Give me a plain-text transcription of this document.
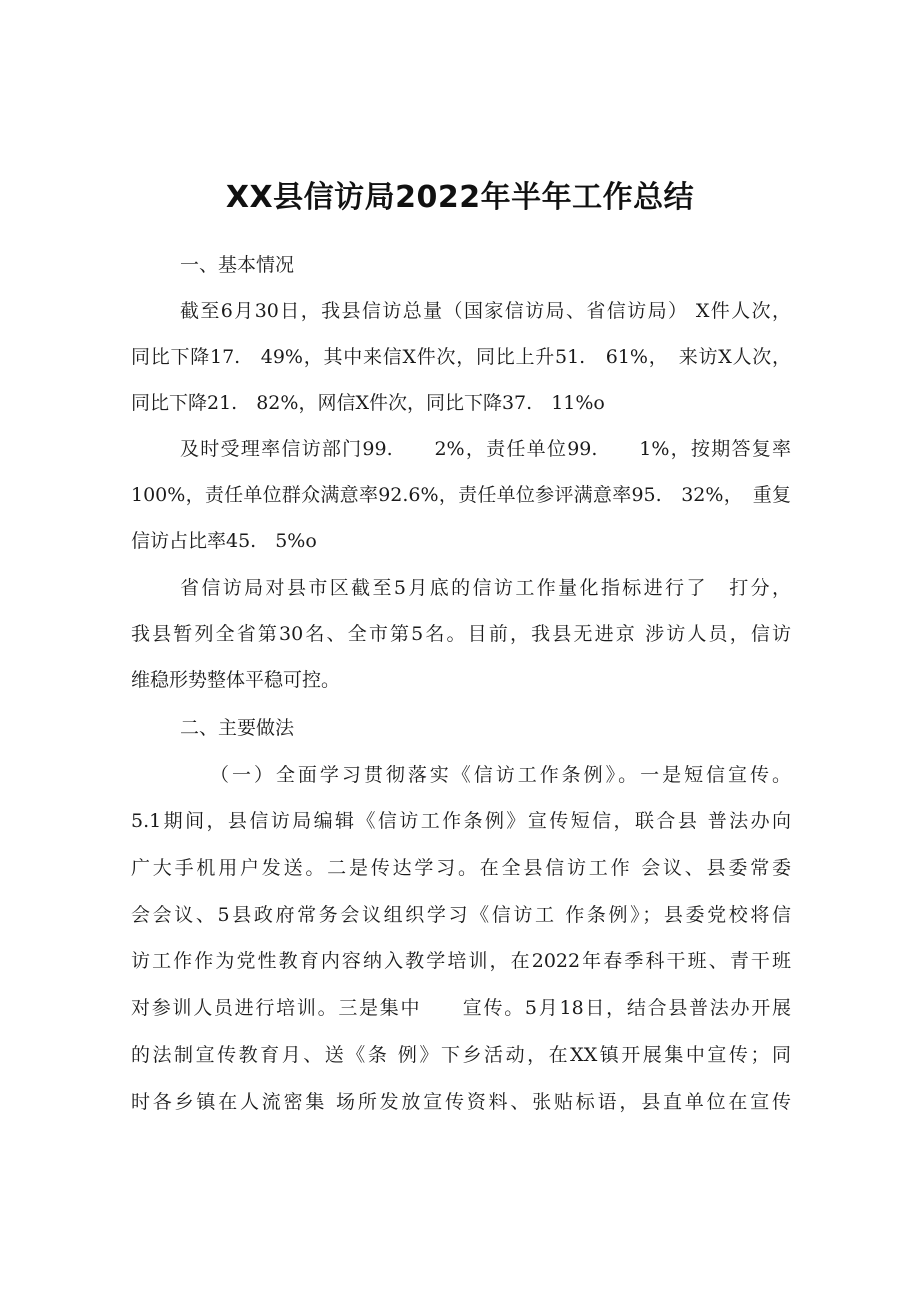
XX县信访局2022年半年工作总结
一、基本情况
截至6月30日，我县信访总量（国家信访局、省信访局） X件人次，
同比下降17.　49%，其中来信X件次，同比上升51.　61%，　来访X人次，
同比下降21.　82%，网信X件次，同比下降37.　11%o
及时受理率信访部门99.　　2%，责任单位99.　　1%，按期答复率
100%，责任单位群众满意率92.6%，责任单位参评满意率95.　32%，　重复
信访占比率45.　5%o
省信访局对县市区截至5月底的信访工作量化指标进行了　打分，
我县暂列全省第30名、全市第5名。目前，我县无进京 涉访人员，信访
维稳形势整体平稳可控。
二、主要做法
（一）全面学习贯彻落实《信访工作条例》。一是短信宣传。
5.1期间，县信访局编辑《信访工作条例》宣传短信，联合县 普法办向
广大手机用户发送。二是传达学习。在全县信访工作 会议、县委常委
会会议、5县政府常务会议组织学习《信访工 作条例》；县委党校将信
访工作作为党性教育内容纳入教学培训，在2022年春季科干班、青干班
对参训人员进行培训。三是集中　　宣传。5月18日，结合县普法办开展
的法制宣传教育月、送《条 例》下乡活动，在XX镇开展集中宣传；同
时各乡镇在人流密集 场所发放宣传资料、张贴标语，县直单位在宣传
